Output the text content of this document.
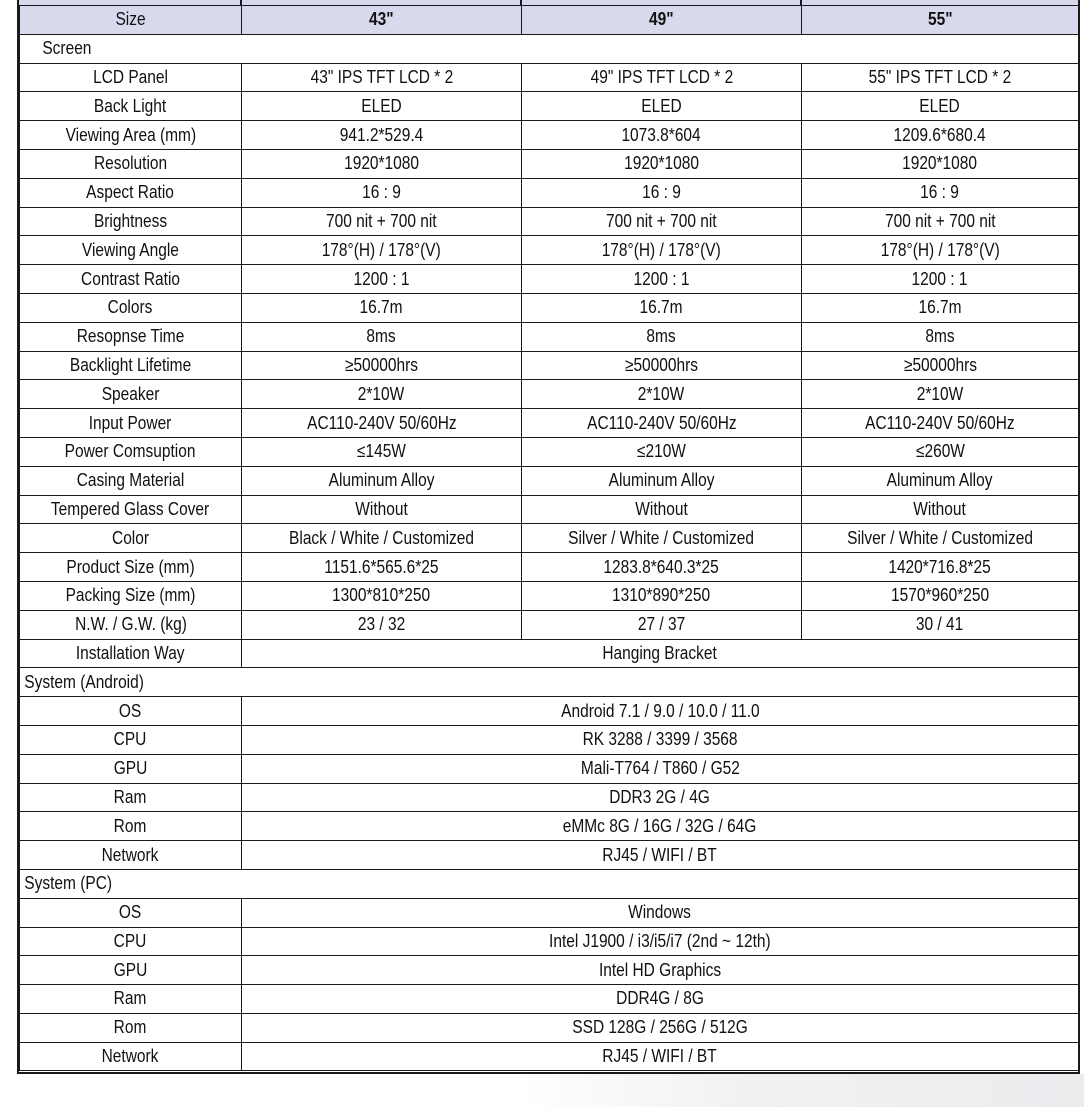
Size	43"	49"	55"
Screen			
LCD Panel	43" IPS TFT LCD * 2	49" IPS TFT LCD * 2	55" IPS TFT LCD * 2
Back Light	ELED	ELED	ELED
Viewing Area (mm)	941.2*529.4	1073.8*604	1209.6*680.4
Resolution	1920*1080	1920*1080	1920*1080
Aspect Ratio	16 : 9	16 : 9	16 : 9
Brightness	700 nit + 700 nit	700 nit + 700 nit	700 nit + 700 nit
Viewing Angle	178°(H) / 178°(V)	178°(H) / 178°(V)	178°(H) / 178°(V)
Contrast Ratio	1200 : 1	1200 : 1	1200 : 1
Colors	16.7m	16.7m	16.7m
Resopnse Time	8ms	8ms	8ms
Backlight Lifetime	≥50000hrs	≥50000hrs	≥50000hrs
Speaker	2*10W	2*10W	2*10W
Input Power	AC110-240V 50/60Hz	AC110-240V 50/60Hz	AC110-240V 50/60Hz
Power Comsuption	≤145W	≤210W	≤260W
Casing Material	Aluminum Alloy	Aluminum Alloy	Aluminum Alloy
Tempered Glass Cover	Without	Without	Without
Color	Black / White / Customized	Silver / White / Customized	Silver / White / Customized
Product Size (mm)	1151.6*565.6*25	1283.8*640.3*25	1420*716.8*25
Packing Size (mm)	1300*810*250	1310*890*250	1570*960*250
N.W. / G.W. (kg)	23 / 32	27 / 37	30 / 41
Installation Way	Hanging Bracket		
System (Android)			
OS	Android 7.1 / 9.0 / 10.0 / 11.0		
CPU	RK 3288 / 3399 / 3568		
GPU	Mali-T764 / T860 / G52		
Ram	DDR3 2G / 4G		
Rom	eMMc 8G / 16G / 32G / 64G		
Network	RJ45 / WIFI / BT		
System (PC)			
OS	Windows		
CPU	Intel J1900 / i3/i5/i7 (2nd ~ 12th)		
GPU	Intel HD Graphics		
Ram	DDR4G / 8G		
Rom	SSD 128G / 256G / 512G		
Network	RJ45 / WIFI / BT		
